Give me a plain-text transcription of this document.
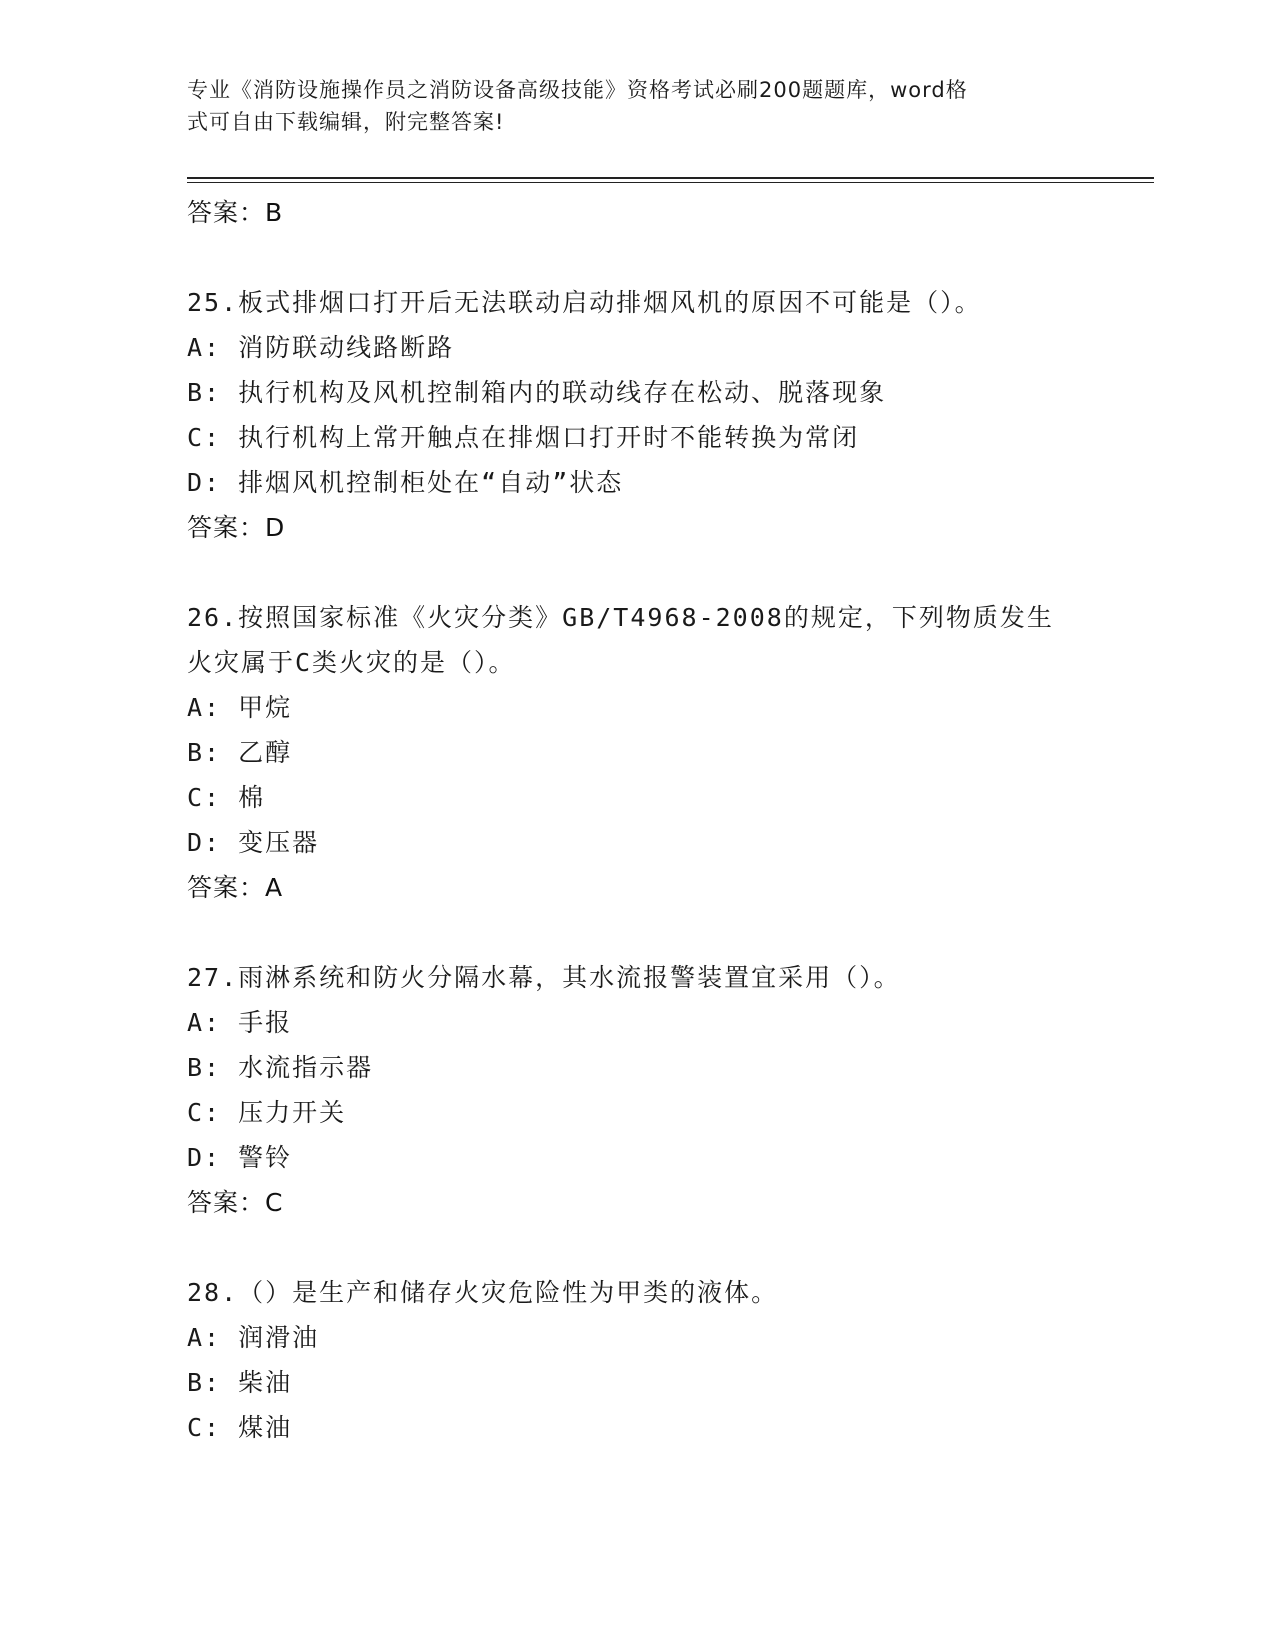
专业《消防设施操作员之消防设备高级技能》资格考试必刷200题题库，word格
式可自由下载编辑，附完整答案!
答案：B
25.板式排烟口打开后无法联动启动排烟风机的原因不可能是（）。
A: 消防联动线路断路
B: 执行机构及风机控制箱内的联动线存在松动、脱落现象
C: 执行机构上常开触点在排烟口打开时不能转换为常闭
D: 排烟风机控制柜处在“自动”状态
答案：D
26.按照国家标准《火灾分类》GB/T4968-2008的规定，下列物质发生
火灾属于C类火灾的是（）。
A: 甲烷
B: 乙醇
C: 棉
D: 变压器
答案：A
27.雨淋系统和防火分隔水幕，其水流报警装置宜采用（）。
A: 手报
B: 水流指示器
C: 压力开关
D: 警铃
答案：C
28.（）是生产和储存火灾危险性为甲类的液体。
A: 润滑油
B: 柴油
C: 煤油
